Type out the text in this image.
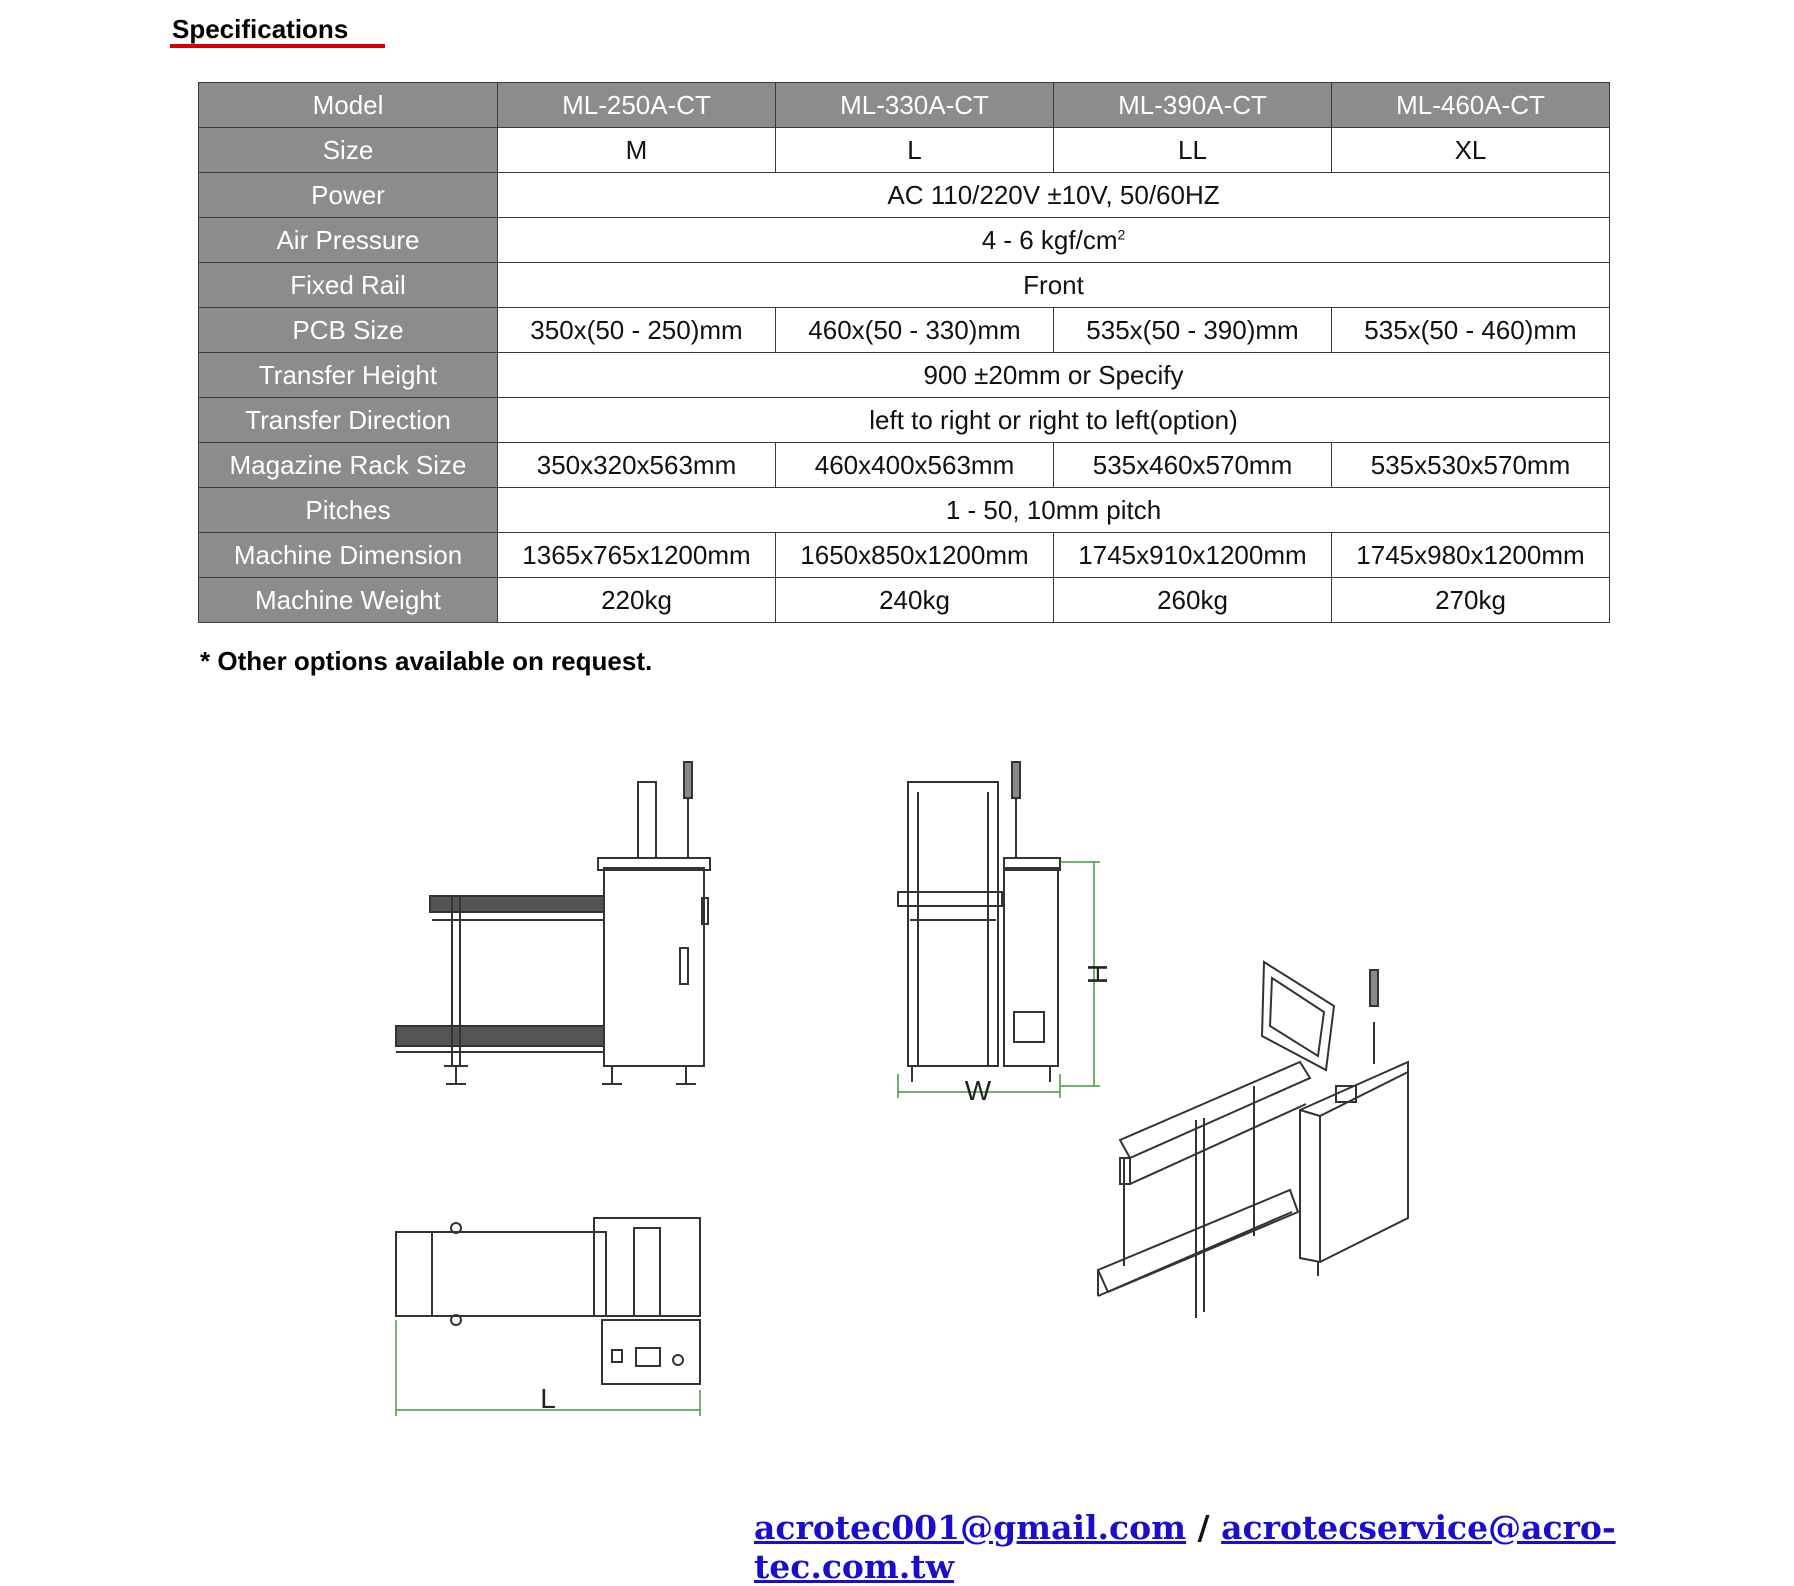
Specifications
Model	ML-250A-CT	ML-330A-CT	ML-390A-CT	ML-460A-CT
Size	M	L	LL	XL
Power	AC 110/220V ±10V, 50/60HZ			
Air Pressure	4 - 6 kgf/$cm^2$
Fixed Rail	Front			
PCB Size	350x(50 - 250)mm	460x(50 - 330)mm	535x(50 - 390)mm	535x(50 - 460)mm
Transfer Height	900 ±20mm or Specify			
Transfer Direction	left to right or right to left(option)			
Magazine Rack Size	350x320x563mm	460x400x563mm	535x460x570mm	535x530x570mm
Pitches	1 - 50, 10mm pitch			
Machine Dimension	1365x765x1200mm	1650x850x1200mm	1745x910x1200mm	1745x980x1200mm
Machine Weight	220kg	240kg	260kg	270kg
* Other options available on request.
H
W
L
acrotec001@gmail.com / acrotecservice@acro-tec.com.tw
